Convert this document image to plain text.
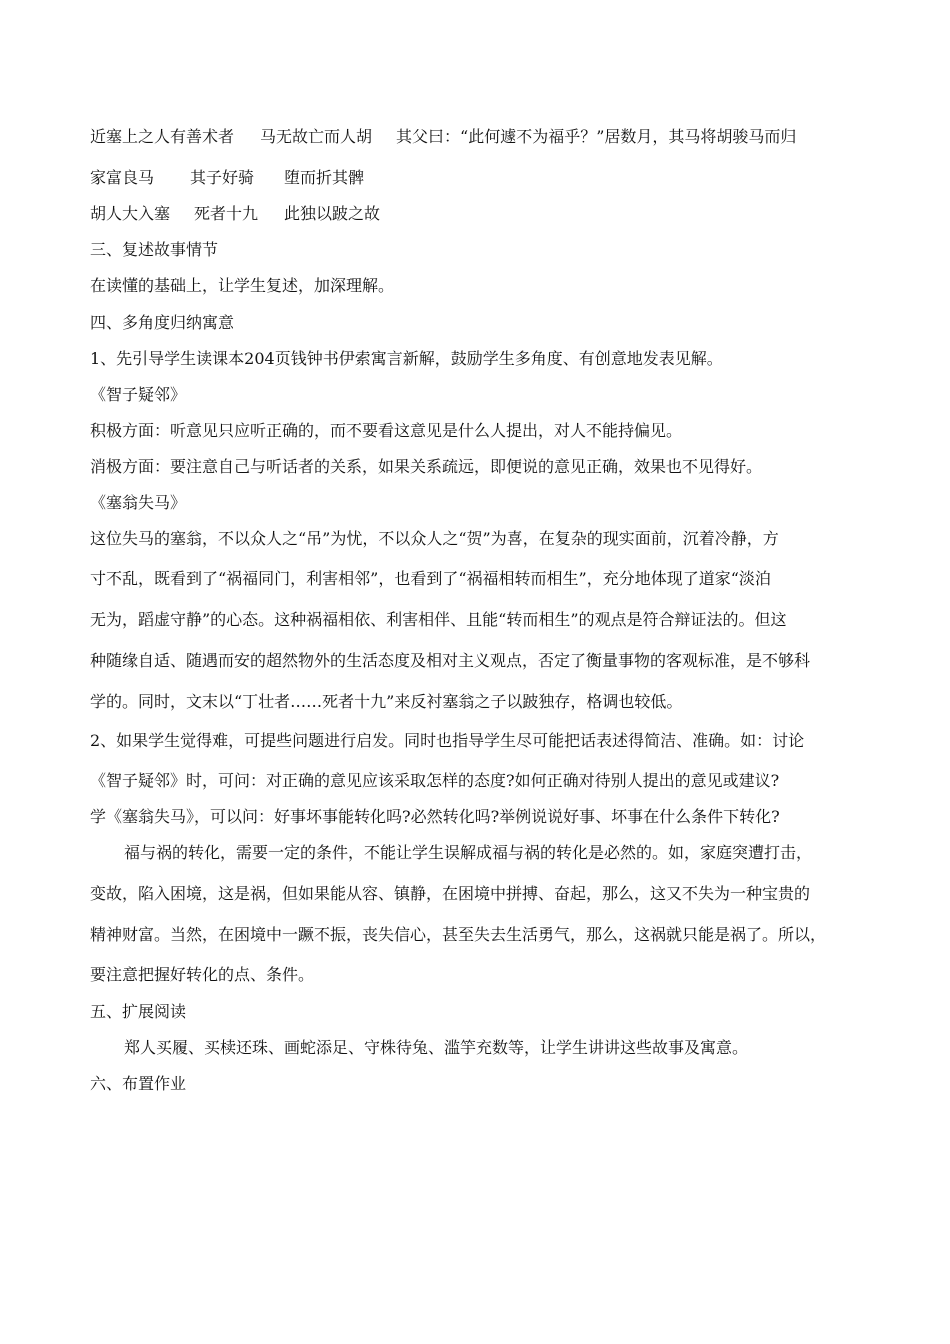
近塞上之人有善术者 马无故亡而人胡 其父曰：“此何遽不为福乎？”居数月，其马将胡骏马而归
家富良马 其子好骑 堕而折其髀
胡人大入塞 死者十九 此独以跛之故
三、复述故事情节
在读懂的基础上，让学生复述，加深理解。
四、多角度归纳寓意
1、先引导学生读课本204页钱钟书伊索寓言新解，鼓励学生多角度、有创意地发表见解。
《智子疑邻》
积极方面：听意见只应听正确的，而不要看这意见是什么人提出，对人不能持偏见。
消极方面：要注意自己与听话者的关系，如果关系疏远，即便说的意见正确，效果也不见得好。
《塞翁失马》
这位失马的塞翁，不以众人之“吊”为忧，不以众人之“贺”为喜，在复杂的现实面前，沉着冷静，方
寸不乱，既看到了“祸福同门，利害相邻”，也看到了“祸福相转而相生”，充分地体现了道家“淡泊
无为，蹈虚守静”的心态。这种祸福相依、利害相伴、且能“转而相生”的观点是符合辩证法的。但这
种随缘自适、随遇而安的超然物外的生活态度及相对主义观点，否定了衡量事物的客观标准，是不够科
学的。同时，文末以“丁壮者……死者十九”来反衬塞翁之子以跛独存，格调也较低。
2、如果学生觉得难，可提些问题进行启发。同时也指导学生尽可能把话表述得简洁、准确。如：讨论
《智子疑邻》时，可问：对正确的意见应该采取怎样的态度?如何正确对待别人提出的意见或建议?
学《塞翁失马》，可以问：好事坏事能转化吗?必然转化吗?举例说说好事、坏事在什么条件下转化?
福与祸的转化，需要一定的条件，不能让学生误解成福与祸的转化是必然的。如，家庭突遭打击，
变故，陷入困境，这是祸，但如果能从容、镇静，在困境中拼搏、奋起，那么，这又不失为一种宝贵的
精神财富。当然，在困境中一蹶不振，丧失信心，甚至失去生活勇气，那么，这祸就只能是祸了。所以，
要注意把握好转化的点、条件。
五、扩展阅读
郑人买履、买椟还珠、画蛇添足、守株待兔、滥竽充数等，让学生讲讲这些故事及寓意。
六、布置作业
